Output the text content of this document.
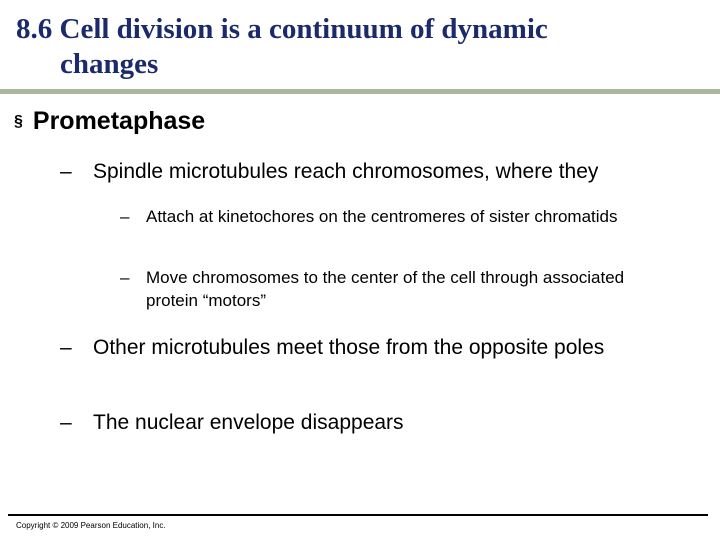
8.6 Cell division is a continuum of dynamic
changes
§ Prometaphase
– Spindle microtubules reach chromosomes, where they
– Attach at kinetochores on the centromeres of sister chromatids
– Move chromosomes to the center of the cell through associated protein “motors”
– Other microtubules meet those from the opposite poles
– The nuclear envelope disappears
Copyright © 2009 Pearson Education, Inc.
